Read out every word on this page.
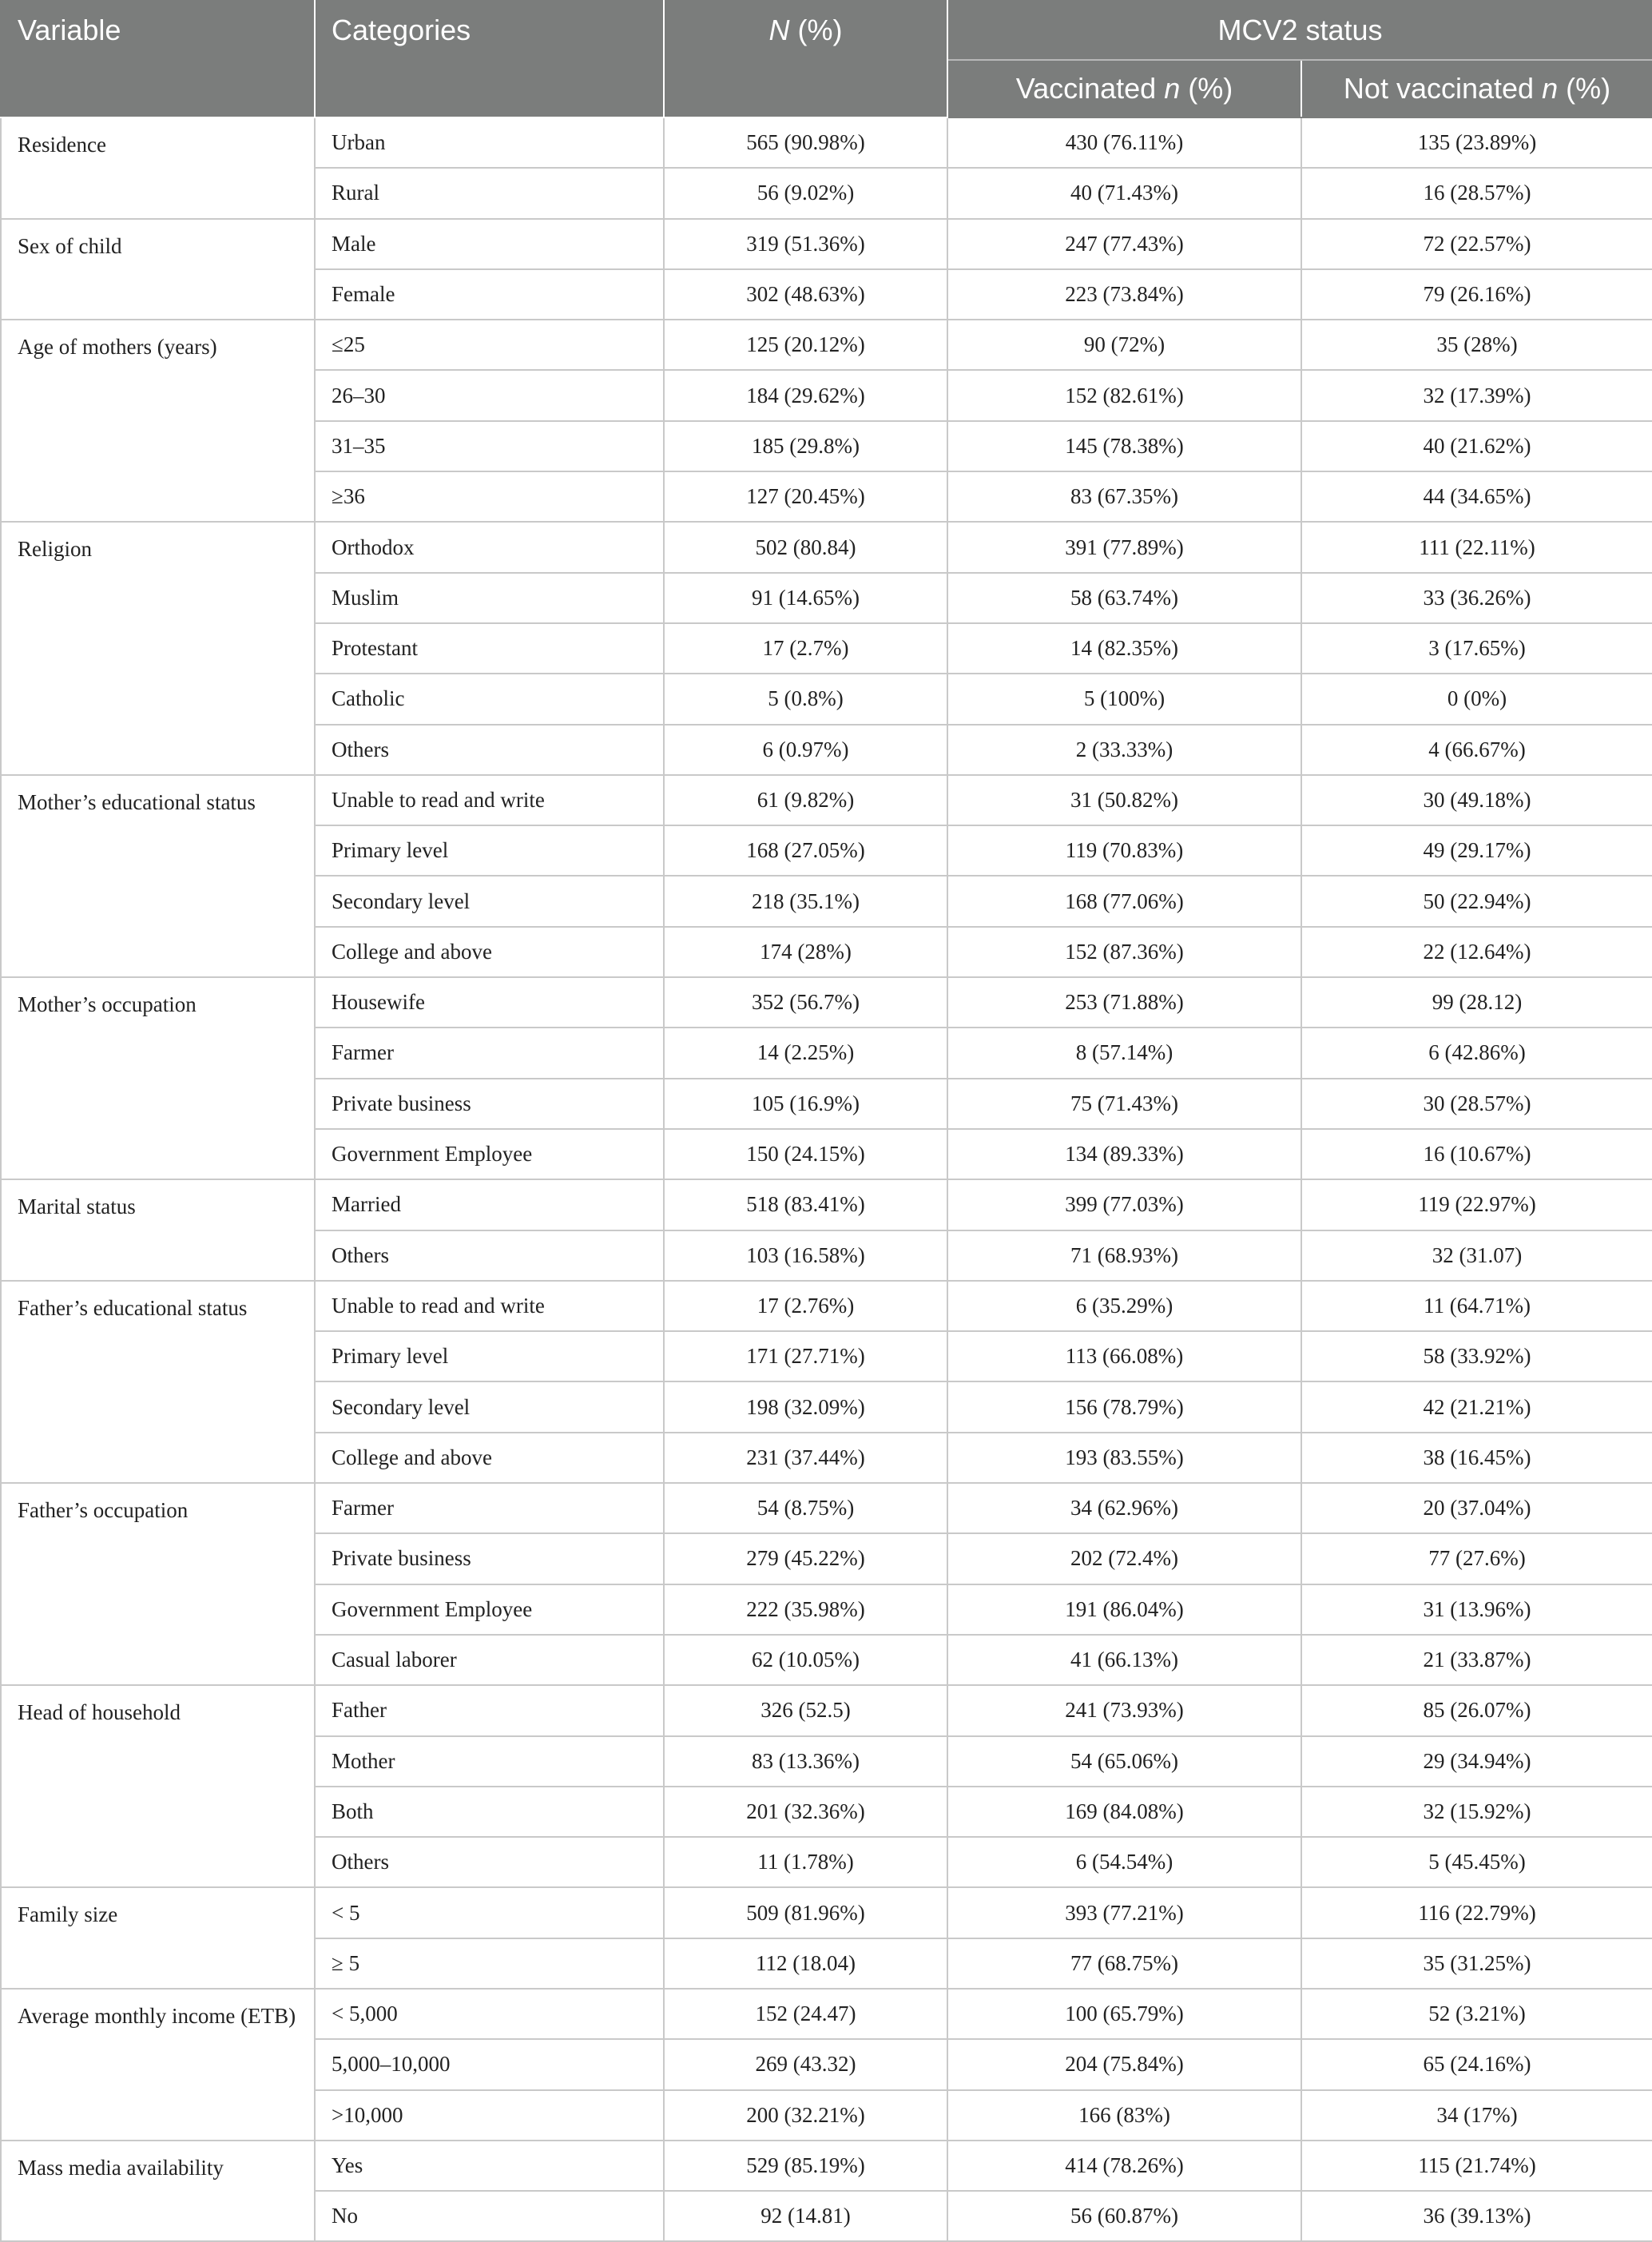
Variable	Categories	N (%)	MCV2 status	
			Vaccinated n (%)	Not vaccinated n (%)
Residence	Urban	565 (90.98%)	430 (76.11%)	135 (23.89%)
	Rural	56 (9.02%)	40 (71.43%)	16 (28.57%)
Sex of child	Male	319 (51.36%)	247 (77.43%)	72 (22.57%)
	Female	302 (48.63%)	223 (73.84%)	79 (26.16%)
Age of mothers (years)	≤25	125 (20.12%)	90 (72%)	35 (28%)
	26–30	184 (29.62%)	152 (82.61%)	32 (17.39%)
	31–35	185 (29.8%)	145 (78.38%)	40 (21.62%)
	≥36	127 (20.45%)	83 (67.35%)	44 (34.65%)
Religion	Orthodox	502 (80.84)	391 (77.89%)	111 (22.11%)
	Muslim	91 (14.65%)	58 (63.74%)	33 (36.26%)
	Protestant	17 (2.7%)	14 (82.35%)	3 (17.65%)
	Catholic	5 (0.8%)	5 (100%)	0 (0%)
	Others	6 (0.97%)	2 (33.33%)	4 (66.67%)
Mother’s educational status	Unable to read and write	61 (9.82%)	31 (50.82%)	30 (49.18%)
	Primary level	168 (27.05%)	119 (70.83%)	49 (29.17%)
	Secondary level	218 (35.1%)	168 (77.06%)	50 (22.94%)
	College and above	174 (28%)	152 (87.36%)	22 (12.64%)
Mother’s occupation	Housewife	352 (56.7%)	253 (71.88%)	99 (28.12)
	Farmer	14 (2.25%)	8 (57.14%)	6 (42.86%)
	Private business	105 (16.9%)	75 (71.43%)	30 (28.57%)
	Government Employee	150 (24.15%)	134 (89.33%)	16 (10.67%)
Marital status	Married	518 (83.41%)	399 (77.03%)	119 (22.97%)
	Others	103 (16.58%)	71 (68.93%)	32 (31.07)
Father’s educational status	Unable to read and write	17 (2.76%)	6 (35.29%)	11 (64.71%)
	Primary level	171 (27.71%)	113 (66.08%)	58 (33.92%)
	Secondary level	198 (32.09%)	156 (78.79%)	42 (21.21%)
	College and above	231 (37.44%)	193 (83.55%)	38 (16.45%)
Father’s occupation	Farmer	54 (8.75%)	34 (62.96%)	20 (37.04%)
	Private business	279 (45.22%)	202 (72.4%)	77 (27.6%)
	Government Employee	222 (35.98%)	191 (86.04%)	31 (13.96%)
	Casual laborer	62 (10.05%)	41 (66.13%)	21 (33.87%)
Head of household	Father	326 (52.5)	241 (73.93%)	85 (26.07%)
	Mother	83 (13.36%)	54 (65.06%)	29 (34.94%)
	Both	201 (32.36%)	169 (84.08%)	32 (15.92%)
	Others	11 (1.78%)	6 (54.54%)	5 (45.45%)
Family size	< 5	509 (81.96%)	393 (77.21%)	116 (22.79%)
	≥ 5	112 (18.04)	77 (68.75%)	35 (31.25%)
Average monthly income (ETB)	< 5,000	152 (24.47)	100 (65.79%)	52 (3.21%)
	5,000–10,000	269 (43.32)	204 (75.84%)	65 (24.16%)
	>10,000	200 (32.21%)	166 (83%)	34 (17%)
Mass media availability	Yes	529 (85.19%)	414 (78.26%)	115 (21.74%)
	No	92 (14.81)	56 (60.87%)	36 (39.13%)
